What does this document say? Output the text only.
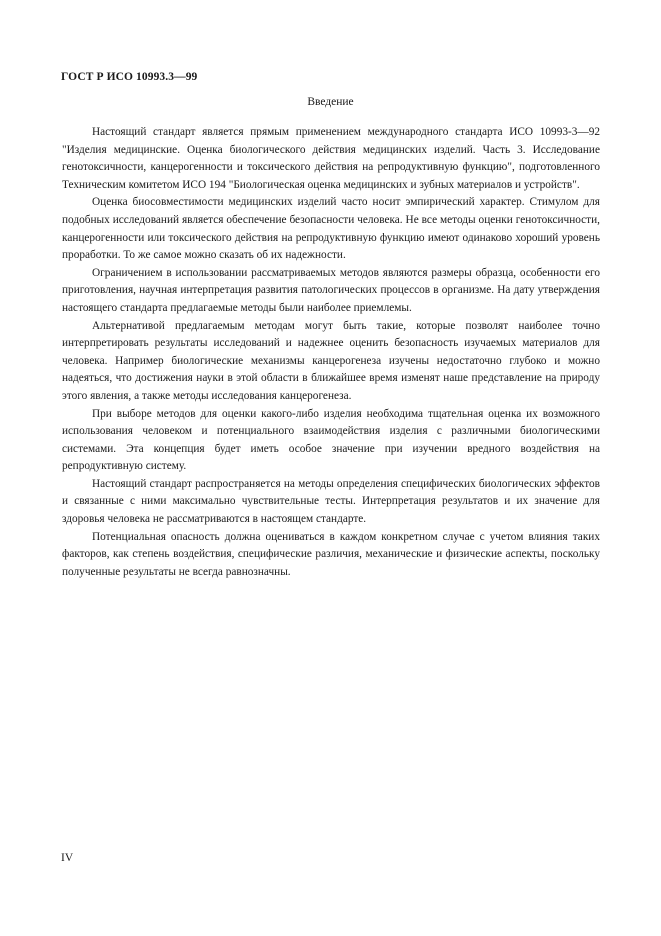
ГОСТ Р ИСО 10993.3—99
Введение

Настоящий стандарт является прямым применением международного стандарта ИСО 10993-3—92 "Изделия медицинские. Оценка биологического действия медицинских изделий. Часть 3. Исследование генотоксичности, канцерогенности и токсического действия на репродуктивную функцию", подготовленного Техническим комитетом ИСО 194 "Биологическая оценка медицинских и зубных материалов и устройств".

Оценка биосовместимости медицинских изделий часто носит эмпирический характер. Стимулом для подобных исследований является обеспечение безопасности человека. Не все методы оценки генотоксичности, канцерогенности или токсического действия на репродуктивную функцию имеют одинаково хороший уровень проработки. То же самое можно сказать об их надежности.

Ограничением в использовании рассматриваемых методов являются размеры образца, особенности его приготовления, научная интерпретация развития патологических процессов в организме. На дату утверждения настоящего стандарта предлагаемые методы были наиболее приемлемы.

Альтернативой предлагаемым методам могут быть такие, которые позволят наиболее точно интерпретировать результаты исследований и надежнее оценить безопасность изучаемых материалов для человека. Например биологические механизмы канцерогенеза изучены недостаточно глубоко и можно надеяться, что достижения науки в этой области в ближайшее время изменят наше представление на природу этого явления, а также методы исследования канцерогенеза.

При выборе методов для оценки какого-либо изделия необходима тщательная оценка их возможного использования человеком и потенциального взаимодействия изделия с различными биологическими системами. Эта концепция будет иметь особое значение при изучении вредного воздействия на репродуктивную систему.

Настоящий стандарт распространяется на методы определения специфических биологических эффектов и связанные с ними максимально чувствительные тесты. Интерпретация результатов и их значение для здоровья человека не рассматриваются в настоящем стандарте.

Потенциальная опасность должна оцениваться в каждом конкретном случае с учетом влияния таких факторов, как степень воздействия, специфические различия, механические и физические аспекты, поскольку полученные результаты не всегда равнозначны.

IV
